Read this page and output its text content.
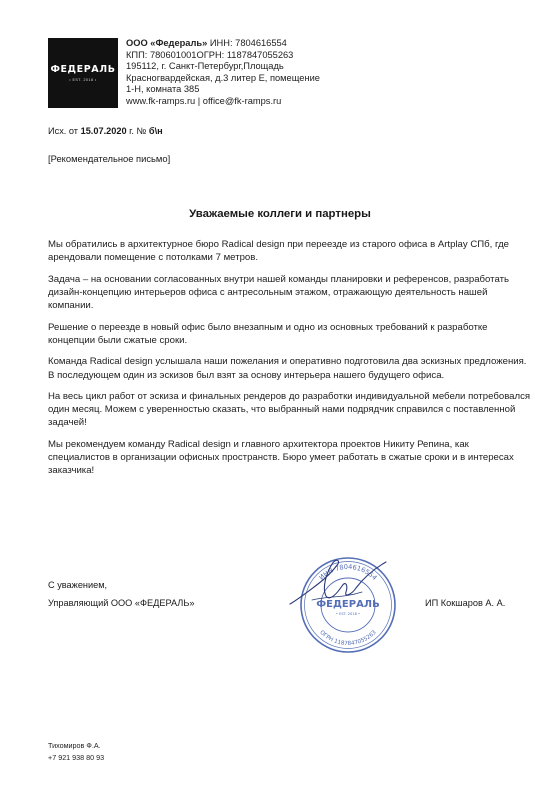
ФЕДЕРАЛЬ
• EST. 2018 •
ООО «Федераль» ИНН: 7804616554
КПП: 780601001ОГРН: 1187847055263
195112, г. Санкт-Петербург,Площадь
Красногвардейская, д.3 литер Е, помещение
1-Н, комната 385
www.fk-ramps.ru | office@fk-ramps.ru
Исх. от 15.07.2020 г. № б\н
[Рекомендательное письмо]
Уважаемые коллеги и партнеры

Мы обратились в архитектурное бюро Radical design при переезде из старого офиса в Artplay СПб, где арендовали помещение с потолками 7 метров.

Задача – на основании согласованных внутри нашей команды планировки и референсов, разработать дизайн-концепцию интерьеров офиса с антресольным этажом, отражающую деятельность нашей компании.

Решение о переезде в новый офис было внезапным и одно из основных требований к разработке концепции были сжатые сроки.

Команда Radical design услышала наши пожелания и оперативно подготовила два эскизных предложения. В последующем один из эскизов был взят за основу интерьера нашего будущего офиса.

На весь цикл работ от эскиза и финальных рендеров до разработки индивидуальной мебели потребовался один месяц. Можем с уверенностью сказать, что выбранный нами подрядчик справился с поставленной задачей!

Мы рекомендуем команду Radical design и главного архитектора проектов Никиту Репина, как специалистов в организации офисных пространств. Бюро умеет работать в сжатые сроки и в интересах заказчика!

С уважением,
Управляющий ООО «ФЕДЕРАЛЬ»	ИП Кокшаров А. А.
ИНН 7804616554
ОГРН 1187847055263
ФЕДЕРАЛЬ
• EST. 2018 •
Тихомиров Ф.А.
+7 921 938 80 93
